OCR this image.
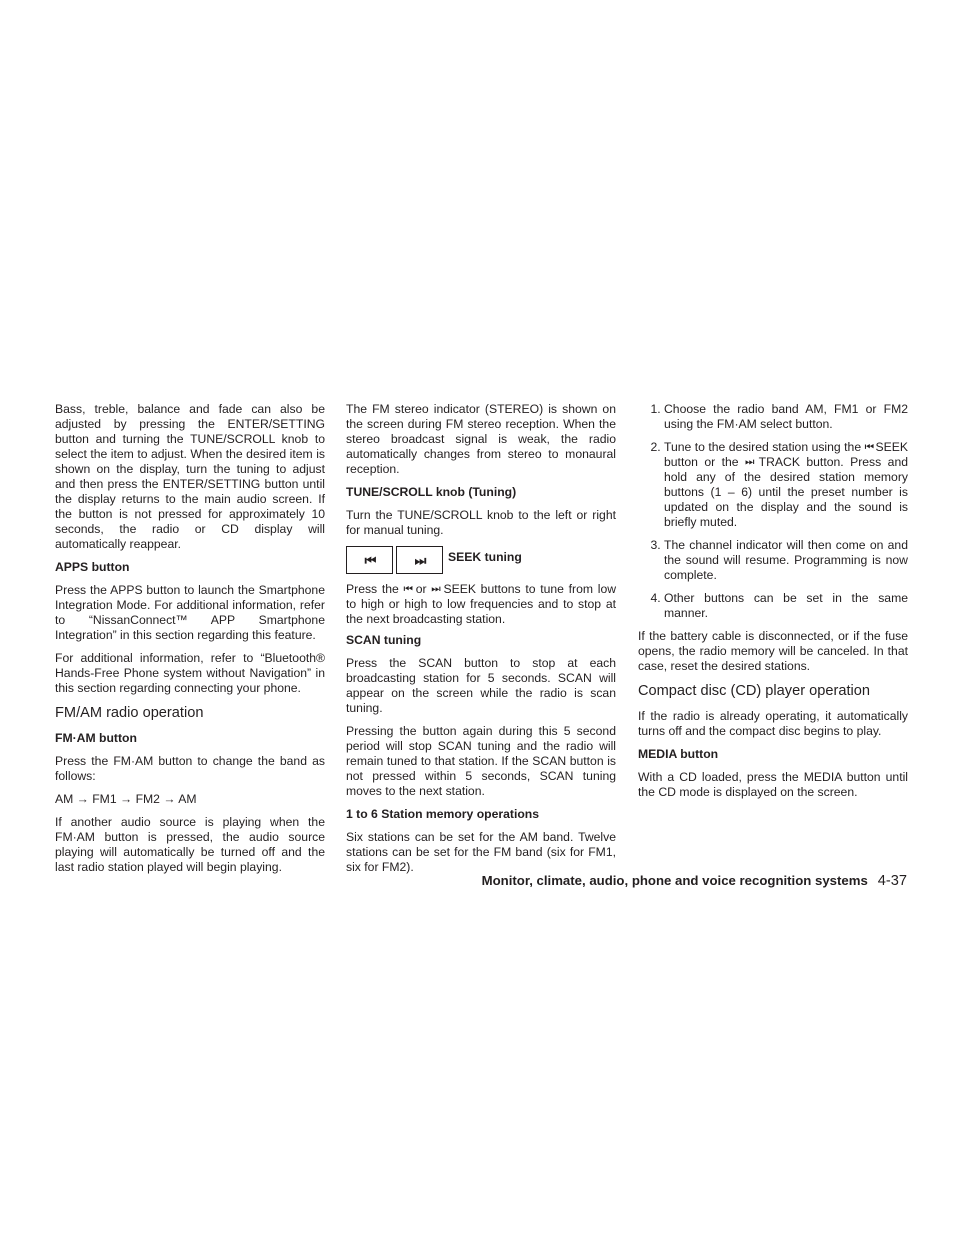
Bass, treble, balance and fade can also be adjusted by pressing the ENTER/SETTING button and turning the TUNE/SCROLL knob to select the item to adjust. When the desired item is shown on the display, turn the tuning to adjust and then press the ENTER/SETTING button until the display returns to the main audio screen. If the button is not pressed for approximately 10 seconds, the radio or CD display will automatically reappear.

APPS button

Press the APPS button to launch the Smartphone Integration Mode. For additional information, refer to “NissanConnect™ APP Smartphone Integration” in this section regarding this feature.

For additional information, refer to “Bluetooth® Hands-Free Phone system without Navigation” in this section regarding connecting your phone.

FM/AM radio operation
FM·AM button

Press the FM·AM button to change the band as follows:

AM → FM1 → FM2 → AM

If another audio source is playing when the FM·AM button is pressed, the audio source playing will automatically be turned off and the last radio station played will begin playing.

The FM stereo indicator (STEREO) is shown on the screen during FM stereo reception. When the stereo broadcast signal is weak, the radio automatically changes from stereo to monaural reception.

TUNE/SCROLL knob (Tuning)

Turn the TUNE/SCROLL knob to the left or right for manual tuning.

⏮	⏭	SEEK tuning

Press the ⏮ or ⏭ SEEK buttons to tune from low to high or high to low frequencies and to stop at the next broadcasting station.

SCAN tuning

Press the SCAN button to stop at each broadcasting station for 5 seconds. SCAN will appear on the screen while the radio is scan tuning.

Pressing the button again during this 5 second period will stop SCAN tuning and the radio will remain tuned to that station. If the SCAN button is not pressed within 5 seconds, SCAN tuning moves to the next station.

1 to 6 Station memory operations

Six stations can be set for the AM band. Twelve stations can be set for the FM band (six for FM1, six for FM2).

1. Choose the radio band AM, FM1 or FM2 using the FM·AM select button.
2. Tune to the desired station using the ⏮ SEEK button or the ⏭ TRACK button. Press and hold any of the desired station memory buttons (1 – 6) until the preset number is updated on the display and the sound is briefly muted.
3. The channel indicator will then come on and the sound will resume. Programming is now complete.
4. Other buttons can be set in the same manner.

If the battery cable is disconnected, or if the fuse opens, the radio memory will be canceled. In that case, reset the desired stations.

Compact disc (CD) player operation

If the radio is already operating, it automatically turns off and the compact disc begins to play.

MEDIA button

With a CD loaded, press the MEDIA button until the CD mode is displayed on the screen.

Monitor, climate, audio, phone and voice recognition systems 4-37
